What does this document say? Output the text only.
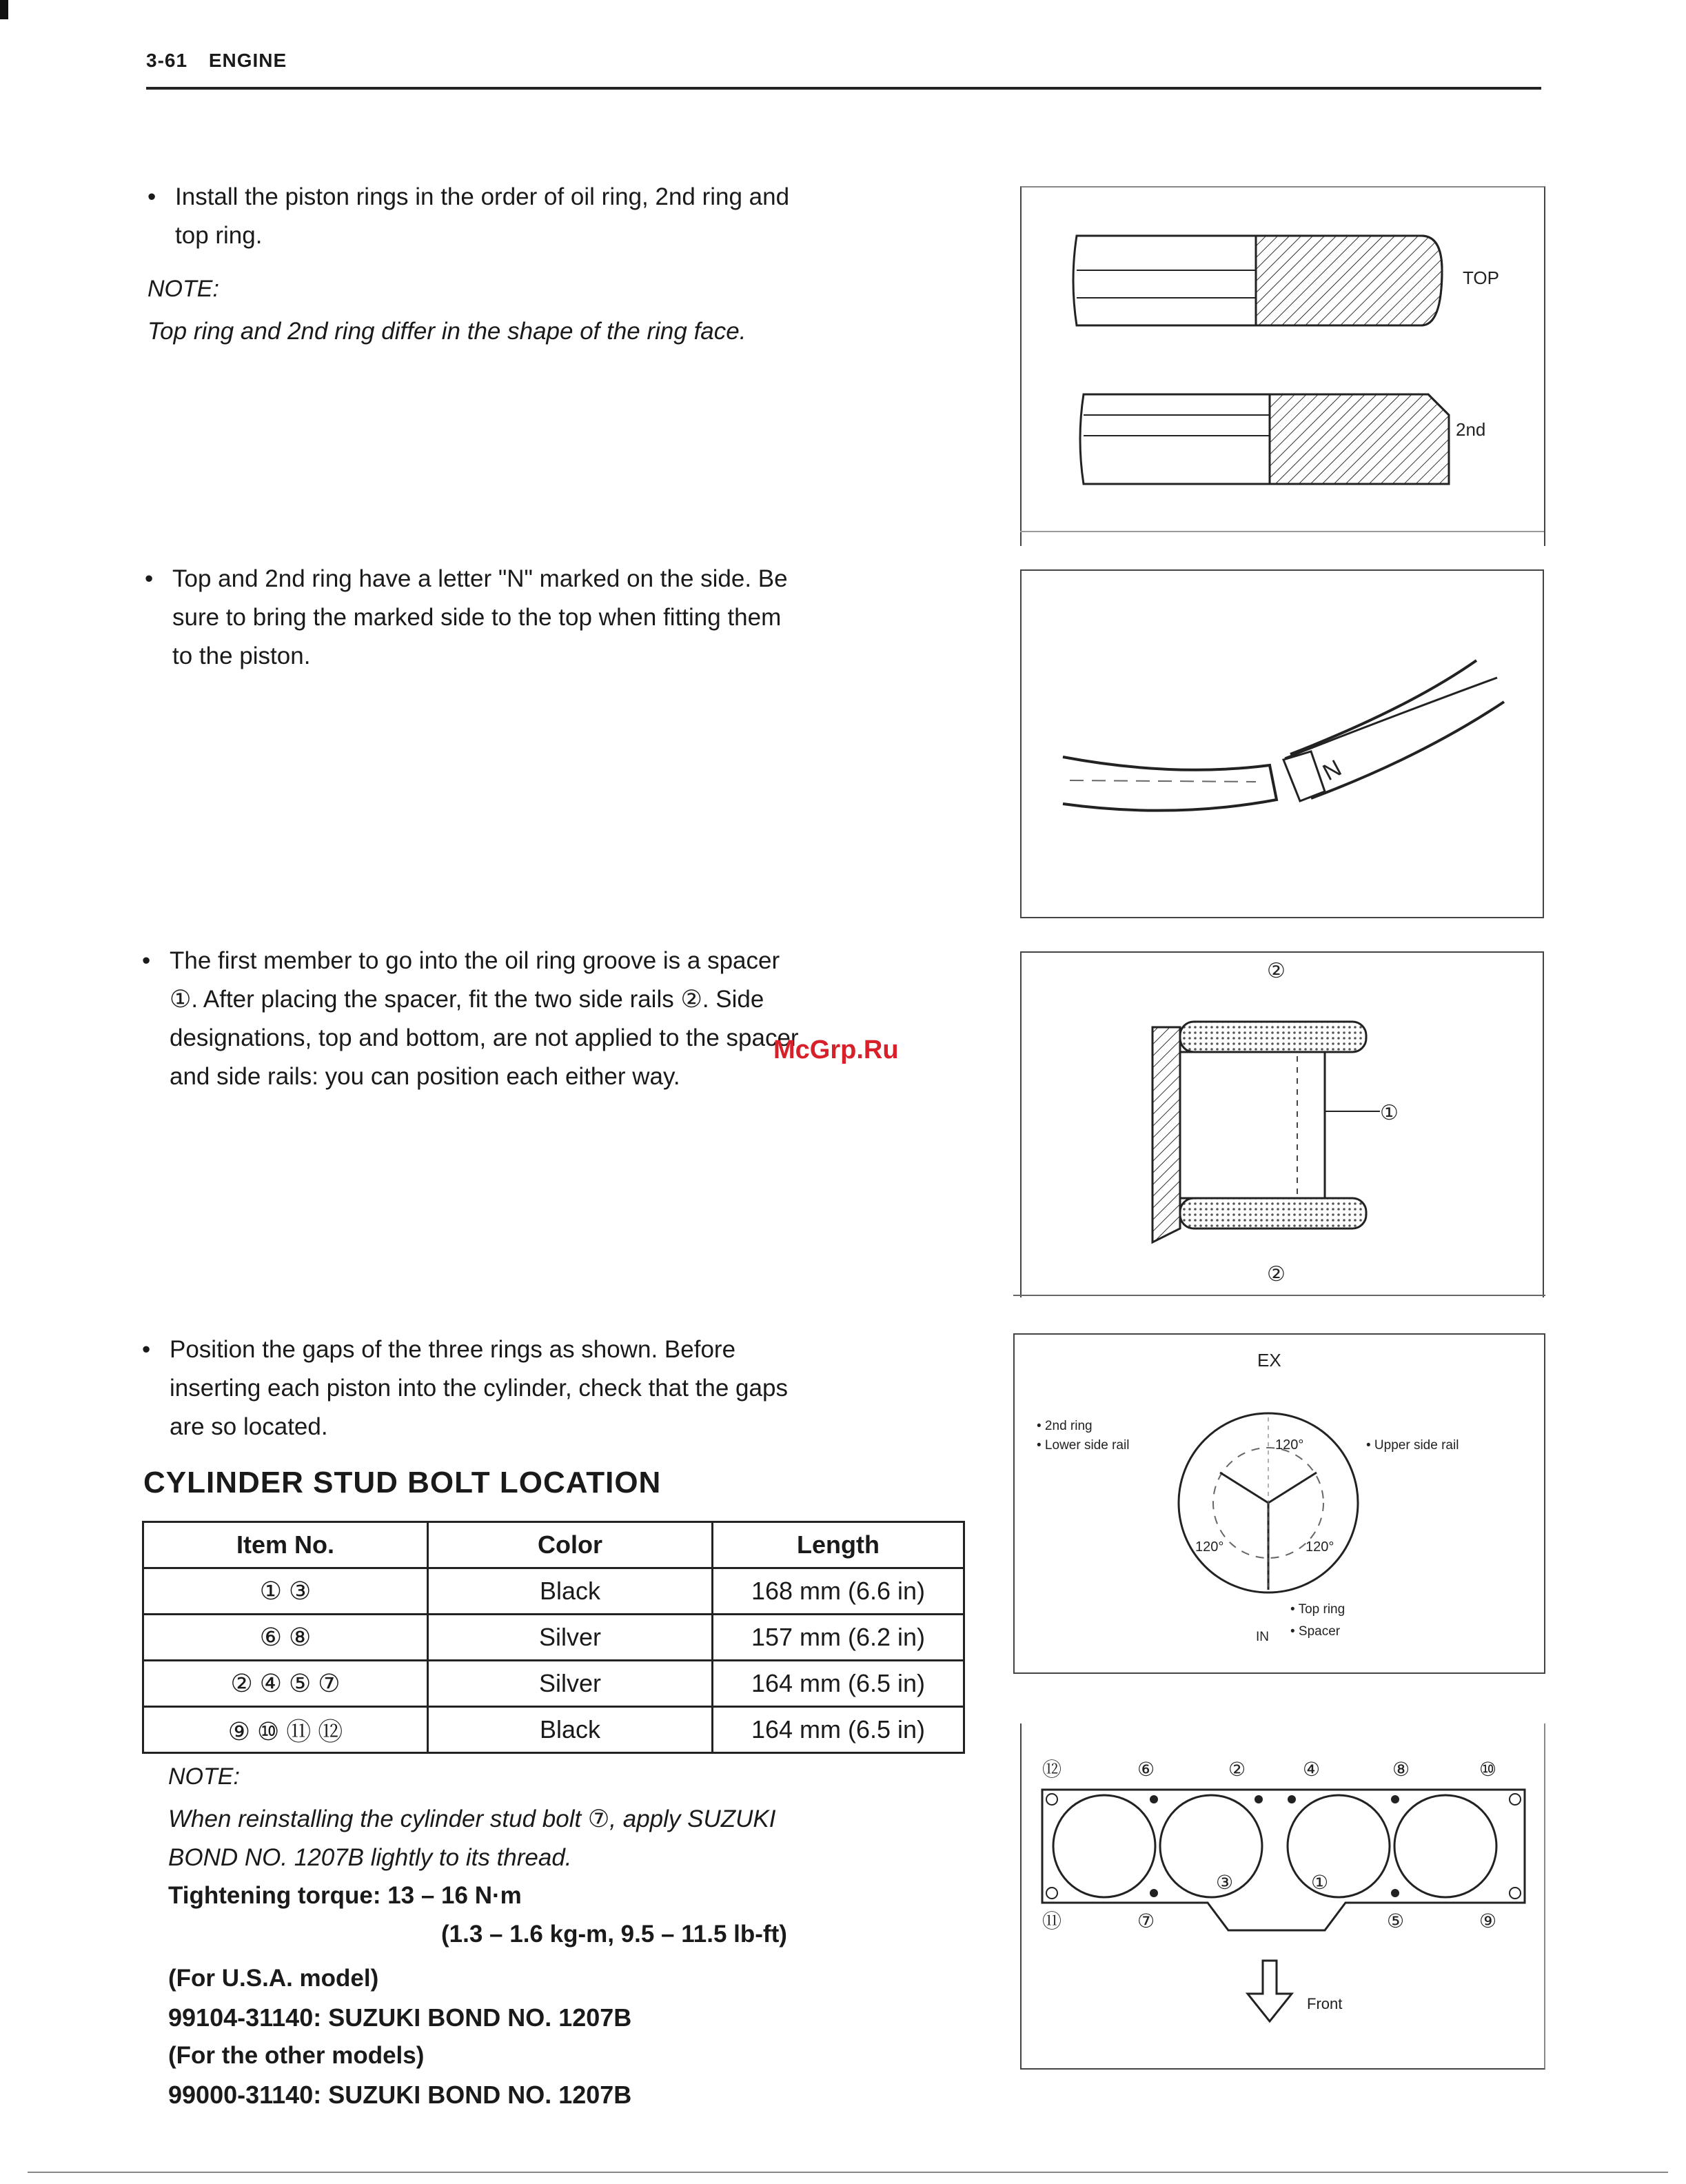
3-61 ENGINE
• Install the piston rings in the order of oil ring, 2nd ring and
top ring.
NOTE:
Top ring and 2nd ring differ in the shape of the ring face.
• Top and 2nd ring have a letter "N" marked on the side. Be
sure to bring the marked side to the top when fitting them
to the piston.
• The first member to go into the oil ring groove is a spacer
①. After placing the spacer, fit the two side rails ②. Side
designations, top and bottom, are not applied to the spacer
and side rails: you can position each either way.
McGrp.Ru
• Position the gaps of the three rings as shown. Before
inserting each piston into the cylinder, check that the gaps
are so located.
CYLINDER STUD BOLT LOCATION
Item No.	Color	Length
① ③	Black	168 mm (6.6 in)
⑥ ⑧	Silver	157 mm (6.2 in)
② ④ ⑤ ⑦	Silver	164 mm (6.5 in)
⑨ ⑩ ⑪ ⑫	Black	164 mm (6.5 in)
NOTE:
When reinstalling the cylinder stud bolt ⑦, apply SUZUKI
BOND NO. 1207B lightly to its thread.
Tightening torque: 13 – 16 N·m
(1.3 – 1.6 kg-m, 9.5 – 11.5 lb-ft)
(For U.S.A. model)
99104-31140: SUZUKI BOND NO. 1207B
(For the other models)
99000-31140: SUZUKI BOND NO. 1207B
TOP
2nd
N
②
①
②
EX
120°
120°	120°
• 2nd ring
• Lower side rail	• Upper side rail
• Top ring
• Spacer
IN
⑫	⑥	②	④	⑧	⑩
③	①
⑪	⑦	⑤	⑨
Front
